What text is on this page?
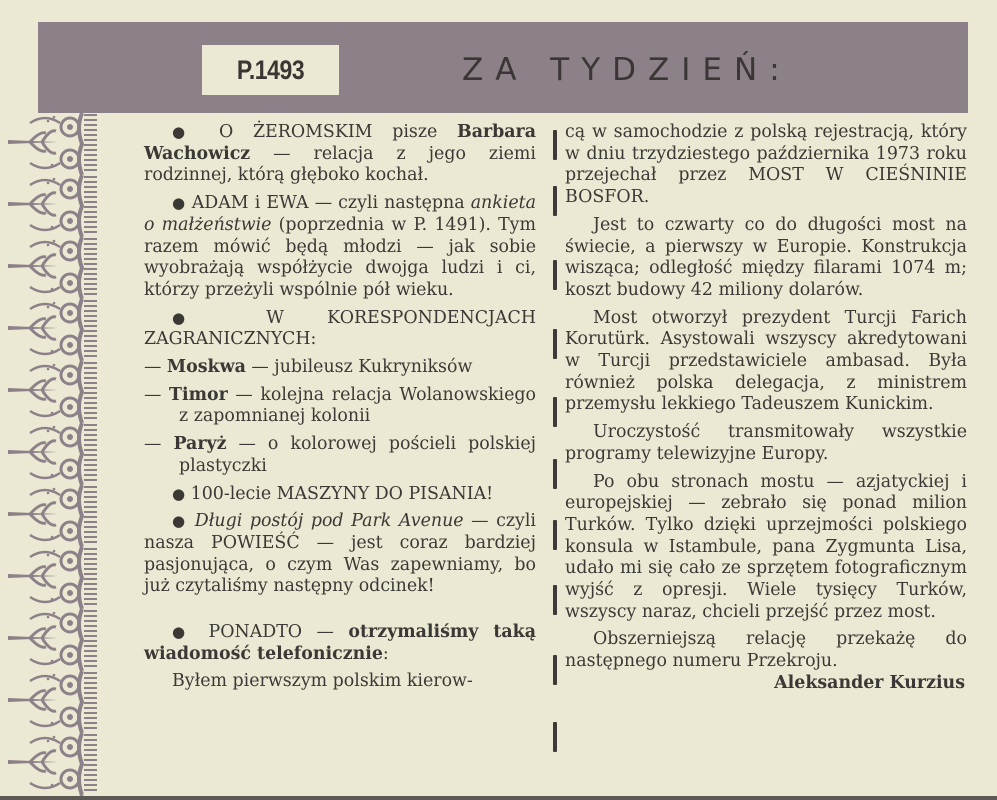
P.1493	ZA TYDZIEŃ:

● O ŻEROMSKIM pisze Barbara Wachowicz — relacja z jego ziemi rodzinnej, którą głęboko kochał.

● ADAM i EWA — czyli następna ankieta o małżeństwie (poprzednia w P. 1491). Tym razem mówić będą młodzi — jak sobie wyobrażają współżycie dwojga ludzi i ci, którzy przeżyli wspólnie pół wieku.

● W KORESPONDENCJACH ZAGRANICZNYCH:

— Moskwa — jubileusz Kukryniksów

— Timor — kolejna relacja Wolanowskiego z zapomnianej kolonii

— Paryż — o kolorowej pościeli polskiej plastyczki

● 100-lecie MASZYNY DO PISANIA!

● Długi postój pod Park Avenue — czyli nasza POWIEŚĆ — jest coraz bardziej pasjonująca, o czym Was zapewniamy, bo już czytaliśmy następny odcinek!

● PONADTO — otrzymaliśmy taką wiadomość telefonicznie:

Byłem pierwszym polskim kierow-

cą w samochodzie z polską rejestracją, który w dniu trzydziestego października 1973 roku przejechał przez MOST W CIEŚNINIE BOSFOR.

Jest to czwarty co do długości most na świecie, a pierwszy w Europie. Konstrukcja wisząca; odległość między filarami 1074 m; koszt budowy 42 miliony dolarów.

Most otworzył prezydent Turcji Farich Korutürk. Asystowali wszyscy akredytowani w Turcji przedstawiciele ambasad. Była również polska delegacja, z ministrem przemysłu lekkiego Tadeuszem Kunickim.

Uroczystość transmitowały wszystkie programy telewizyjne Europy.

Po obu stronach mostu — azjatyckiej i europejskiej — zebrało się ponad milion Turków. Tylko dzięki uprzejmości polskiego konsula w Istambule, pana Zygmunta Lisa, udało mi się cało ze sprzętem fotograficznym wyjść z opresji. Wiele tysięcy Turków, wszyscy naraz, chcieli przejść przez most.

Obszerniejszą relację przekażę do następnego numeru Przekroju.

Aleksander Kurzius
